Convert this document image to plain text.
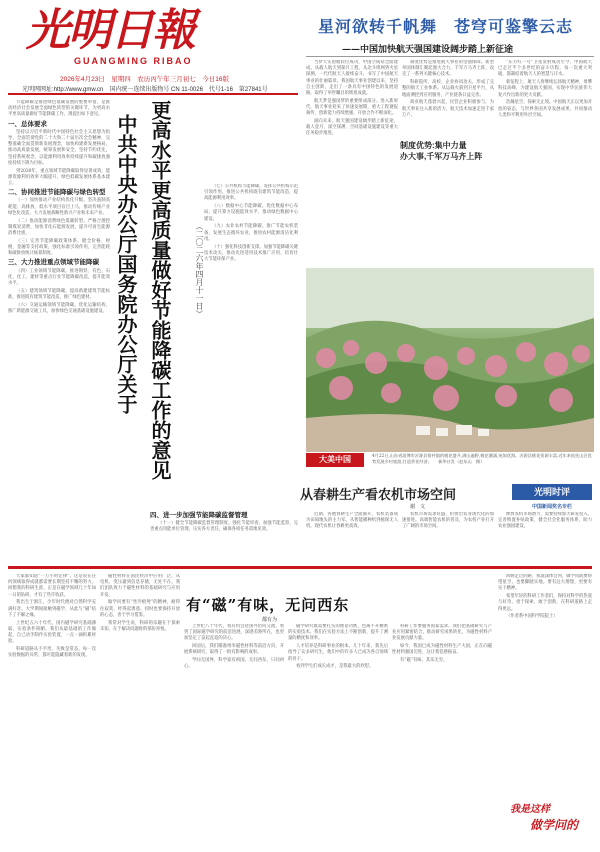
光明日報
GUANGMING RIBAO
2026年4月23日　星期四　农历丙午年三月初七　今日16版
光明网网址:http://www.gmw.cn　国内统一连续出版物号 CN 11-0026　代号1-16　第27841号
星河欲转千帆舞　苍穹可鉴擎云志
——中国加快航天强国建设阔步踏上新征途

当梦天实验舱转位成功，中国空间站全面建成。从载人航天到探月工程，从北斗组网到火星探测，一代代航天人接续奋斗，书写了中国航天事业的壮丽篇章。我国航天事业创建以来，坚持自主创新，走出了一条具有中国特色的发展道路，取得了举世瞩目的辉煌成就。

航天梦是强国梦的重要组成部分。进入新时代，航天事业迎来了快速发展期，重大工程捷报频传，创新能力持续增强，开放合作不断深化。

面向未来，航天强国建设阔步踏上新征途，载人登月、深空探测、空间基础设施建设等重大任务稳步推进。

制度优势是推进航天事业的坚强保障。新型举国体制汇聚起强大合力，千军万马齐上阵，攻克了一系列关键核心技术。

科研院所、高校、企业协同攻关，形成了完整的航天工业体系。从运载火箭到卫星平台，从地面测控到应用服务，产业链条日益完善。

商业航天蓬勃兴起，民营企业积极参与，为航天事业注入新的活力，航天技术加速走进千家万户。

“东方红一号”卫星发射成功至今，中国航天已走过半个多世纪的奋斗历程。每一次重大突破，都凝结着航天人的智慧与汗水。

新征程上，航天人将继续弘扬航天精神，勇攀科技高峰，为建设航天强国、实现中华民族伟大复兴作出新的更大贡献。

浩瀚星空，探索无止境。中国航天正以更加开放的姿态，与世界各国共享发展成果，共同推动人类和平利用外层空间。

制度优势:集中力量
办大事,千军万马齐上阵
更高水平更高质量做好节能降碳工作的意见
中共中央办公厅国务院办公厅关于	（二〇二六年四月十一日）

节能降碳是推进绿色低碳发展的重要举措，是推动经济社会发展全面绿色转型的关键环节。为更高水平更高质量做好节能降碳工作，现提出如下意见。

一、总体要求

坚持以习近平新时代中国特色社会主义思想为指导，全面贯彻党的二十大和二十届历次全会精神，完整准确全面贯彻新发展理念，加快构建新发展格局，推动高质量发展，统筹发展和安全，坚持节约优先，坚持系统观念，以能源利用效率持续提升和碳排放强度持续下降为目标。

到2030年，重点领域节能降碳取得显著成效，能源资源利用效率大幅提升，绿色低碳发展体系基本建立。

二、协同推进节能降碳与绿色转型

（一）加快推动产业结构优化升级。坚决遏制高耗能、高排放、低水平项目盲目上马，推动传统产业绿色化改造，大力发展战略性新兴产业和未来产业。

（二）推动能源消费绿色低碳转型。严格合理控制煤炭消费，加快非化石能源发展，提升可再生能源消费比重。

（三）完善节能降碳政策体系。健全价格、财税、金融等支持政策，强化标准引领作用，完善能耗和碳排放统计核算制度。

三、大力推进重点领域节能降碳

（四）工业领域节能降碳。推进钢铁、有色、石化、化工、建材等重点行业节能降碳改造，提升能效水平。

（五）建筑领域节能降碳。提高新建建筑节能标准，推进既有建筑节能改造，推广绿色建材。

（六）交通运输领域节能降碳。优化运输结构，推广新能源交通工具，加快绿色交通基础设施建设。

（七）公共机构节能降碳。发挥公共机构示范引领作用，推进公共机构既有建筑节能改造，提高能源利用效率。

（八）数据中心节能降碳。优化数据中心布局，提升算力设施能效水平，推动绿色数据中心建设。

（九）农业农村节能降碳。推广节能农机装备，发展生态循环农业，推进农村能源清洁化利用。

（十）强化科技创新支撑。加强节能降碳关键技术攻关，推动先进适用技术推广应用，培育壮大节能环保产业。

四、进一步加强节能降碳监督管理

（十一）健全节能降碳监督管理制度。强化节能审查，加强节能监察，完善重点用能单位管理，压实各方责任，确保各项任务落地见效。

大美中国	4月22日,山东省淄博市沂源县鲁村镇的桃花盛开,满山遍野,桃花潮涌,宛如花海。沂源县桃花资源丰富,近年来依托山区优势发展乡村旅游,打造赏花经济。　　新华社发（赵东山　摄）
从春耕生产看农机市场空间
谢　文
光明时评
中国新闻奖名专栏

近期，各地春耕生产全面铺开，农机装备成为田间地头的主力军。从智能播种机到植保无人机，现代农机让春耕更高效。

农机市场需求旺盛，折射出农业现代化的加速推进。高端智能农机的普及，为农机产业打开了广阔的市场空间。

释放农机市场潜力，需要持续加大研发投入，完善购置补贴政策，健全社会化服务体系，助力农业强国建设。

有“磁”有味，无问西东
都有为

大家都知道“一万小时定律”，这是说在任何领域取得成就都需要长期坚持不懈的努力。回想我的科研生涯，正是在磁学领域几十年如一日的钻研，才有了些许收获。

我出生于浙江，少年时代便对自然科学充满好奇。大学期间接触到磁学，从此与“磁”结下了不解之缘。

上世纪五六十年代，国内磁学研究基础薄弱，实验条件简陋。我们从最基础的工作做起，自己动手制作实验装置，一点一滴积累经验。

科研道路从不平坦，失败是常态。每一次实验数据的异常，都可能隐藏着新的发现。

磁性材料在国民经济中应用广泛，从电机、变压器到信息存储，无处不在。我们团队致力于磁性材料的基础研究与应用开发。

做学问要有“坐冷板凳”的精神，耐得住寂寞，经得起诱惑。同时也要保持开放的心态，善于学习借鉴。

我常对学生说，科研的乐趣在于探索未知，在于解决问题时的那份喜悦。

上世纪八十年代，我有机会赴国外访问交流，看到了国际磁学研究的前沿进展，深感差距所在，也更加坚定了奋起直追的决心。

回国后，我们瞄准纳米磁性材料等前沿方向，开展系统研究，取得了一批有影响的成果。

学问无国界，科学家有祖国。无问西东，只问初心。

磁学研究既需要扎实的理论功底，也离不开精密的实验技术。我们在实验方法上不断创新，提升了测量的精度和效率。

人才培养是科研事业的根本。几十年来，我先后指导了众多研究生，他们中的许多人已成为各自领域的骨干。

看到学生们成长成才，是我最大的欣慰。

科研工作要服务国家需求。我们把基础研究与产业应用紧密结合，推动研究成果转化，为磁性材料产业发展贡献力量。

如今，我国已成为磁性材料生产大国，正在向磁性材料强国迈进，这让我倍感振奋。

有“磁”有味，其乐无穷。

回顾走过的路，我深深体会到，做学问既要仰望星空，也要脚踏实地。要有远大理想，更要有实干精神。

希望年轻的科研工作者们，保持对科学的热爱与好奇，勇于探索，敢于创新，在科研道路上走得更远。

（作者系中国科学院院士）

我是这样
做学问的
